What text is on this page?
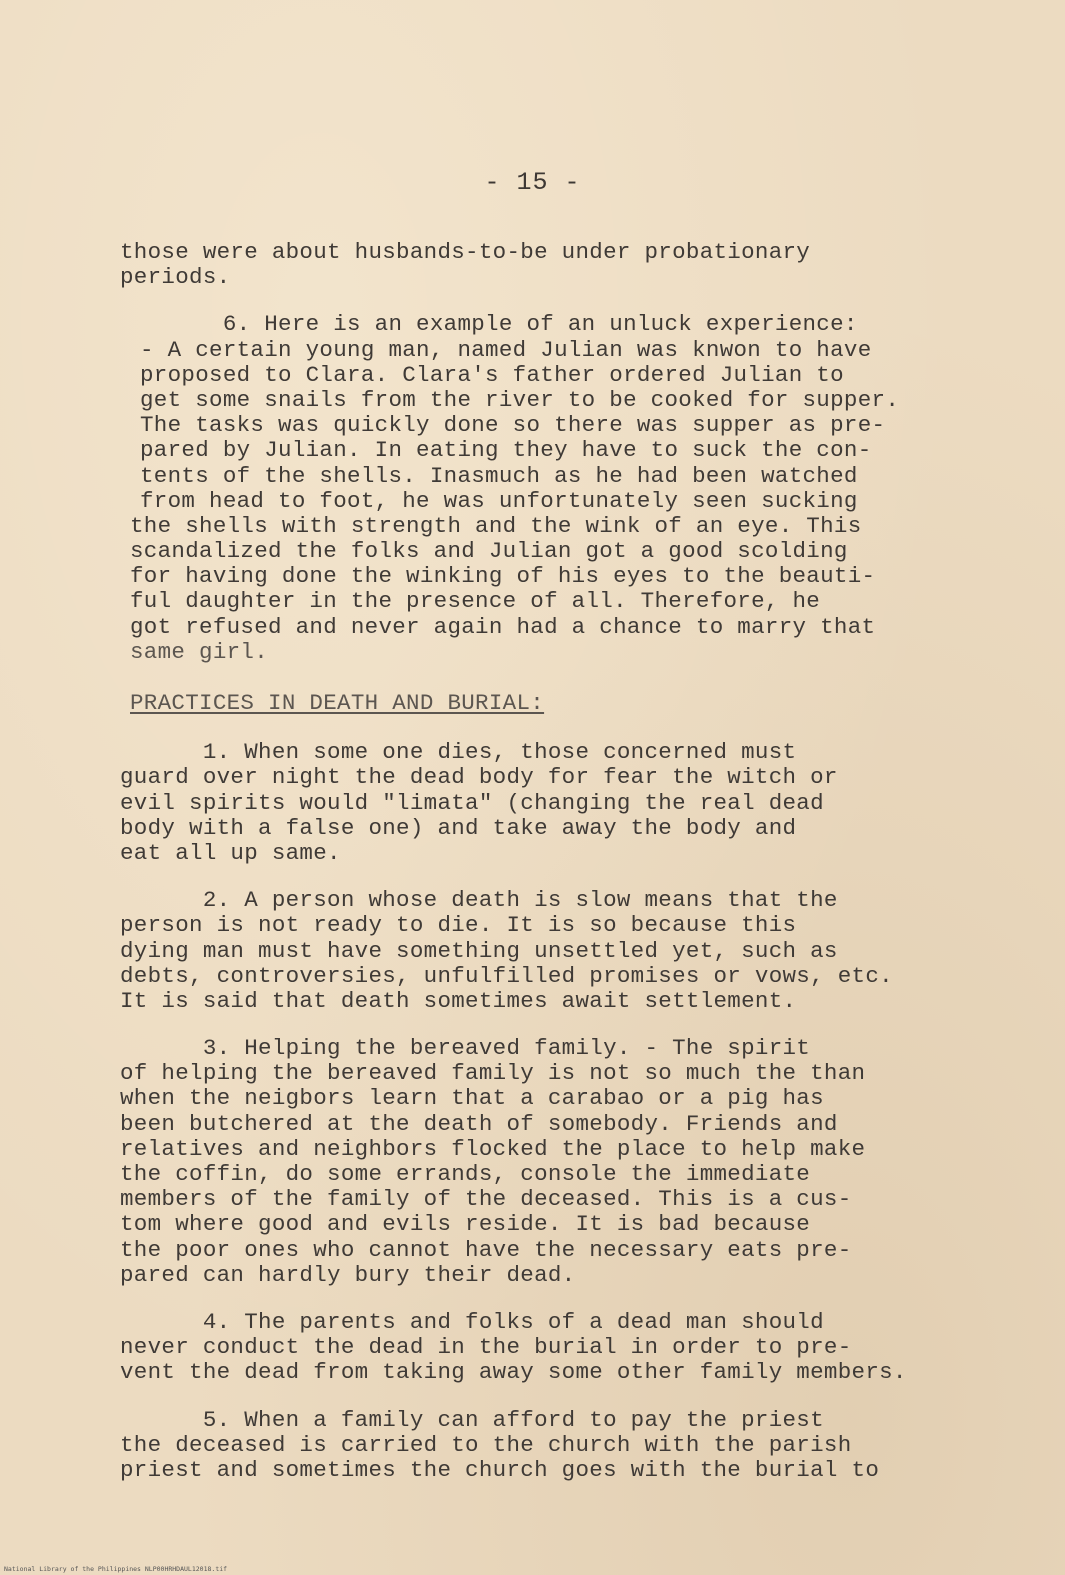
- 15 -
those were about husbands-to-be under probationary
periods.
6. Here is an example of an unluck experience:
- A certain young man, named Julian was knwon to have
proposed to Clara. Clara's father ordered Julian to
get some snails from the river to be cooked for supper.
The tasks was quickly done so there was supper as pre-
pared by Julian. In eating they have to suck the con-
tents of the shells. Inasmuch as he had been watched
from head to foot, he was unfortunately seen sucking
the shells with strength and the wink of an eye. This
scandalized the folks and Julian got a good scolding
for having done the winking of his eyes to the beauti-
ful daughter in the presence of all. Therefore, he
got refused and never again had a chance to marry that
same girl.
PRACTICES IN DEATH AND BURIAL:
1. When some one dies, those concerned must
guard over night the dead body for fear the witch or
evil spirits would "limata" (changing the real dead
body with a false one) and take away the body and
eat all up same.
2. A person whose death is slow means that the
person is not ready to die. It is so because this
dying man must have something unsettled yet, such as
debts, controversies, unfulfilled promises or vows, etc.
It is said that death sometimes await settlement.
3. Helping the bereaved family. - The spirit
of helping the bereaved family is not so much the than
when the neigbors learn that a carabao or a pig has
been butchered at the death of somebody. Friends and
relatives and neighbors flocked the place to help make
the coffin, do some errands, console the immediate
members of the family of the deceased. This is a cus-
tom where good and evils reside. It is bad because
the poor ones who cannot have the necessary eats pre-
pared can hardly bury their dead.
4. The parents and folks of a dead man should
never conduct the dead in the burial in order to pre-
vent the dead from taking away some other family members.
5. When a family can afford to pay the priest
the deceased is carried to the church with the parish
priest and sometimes the church goes with the burial to
National Library of the Philippines NLP00HRHDAUL12018.tif
